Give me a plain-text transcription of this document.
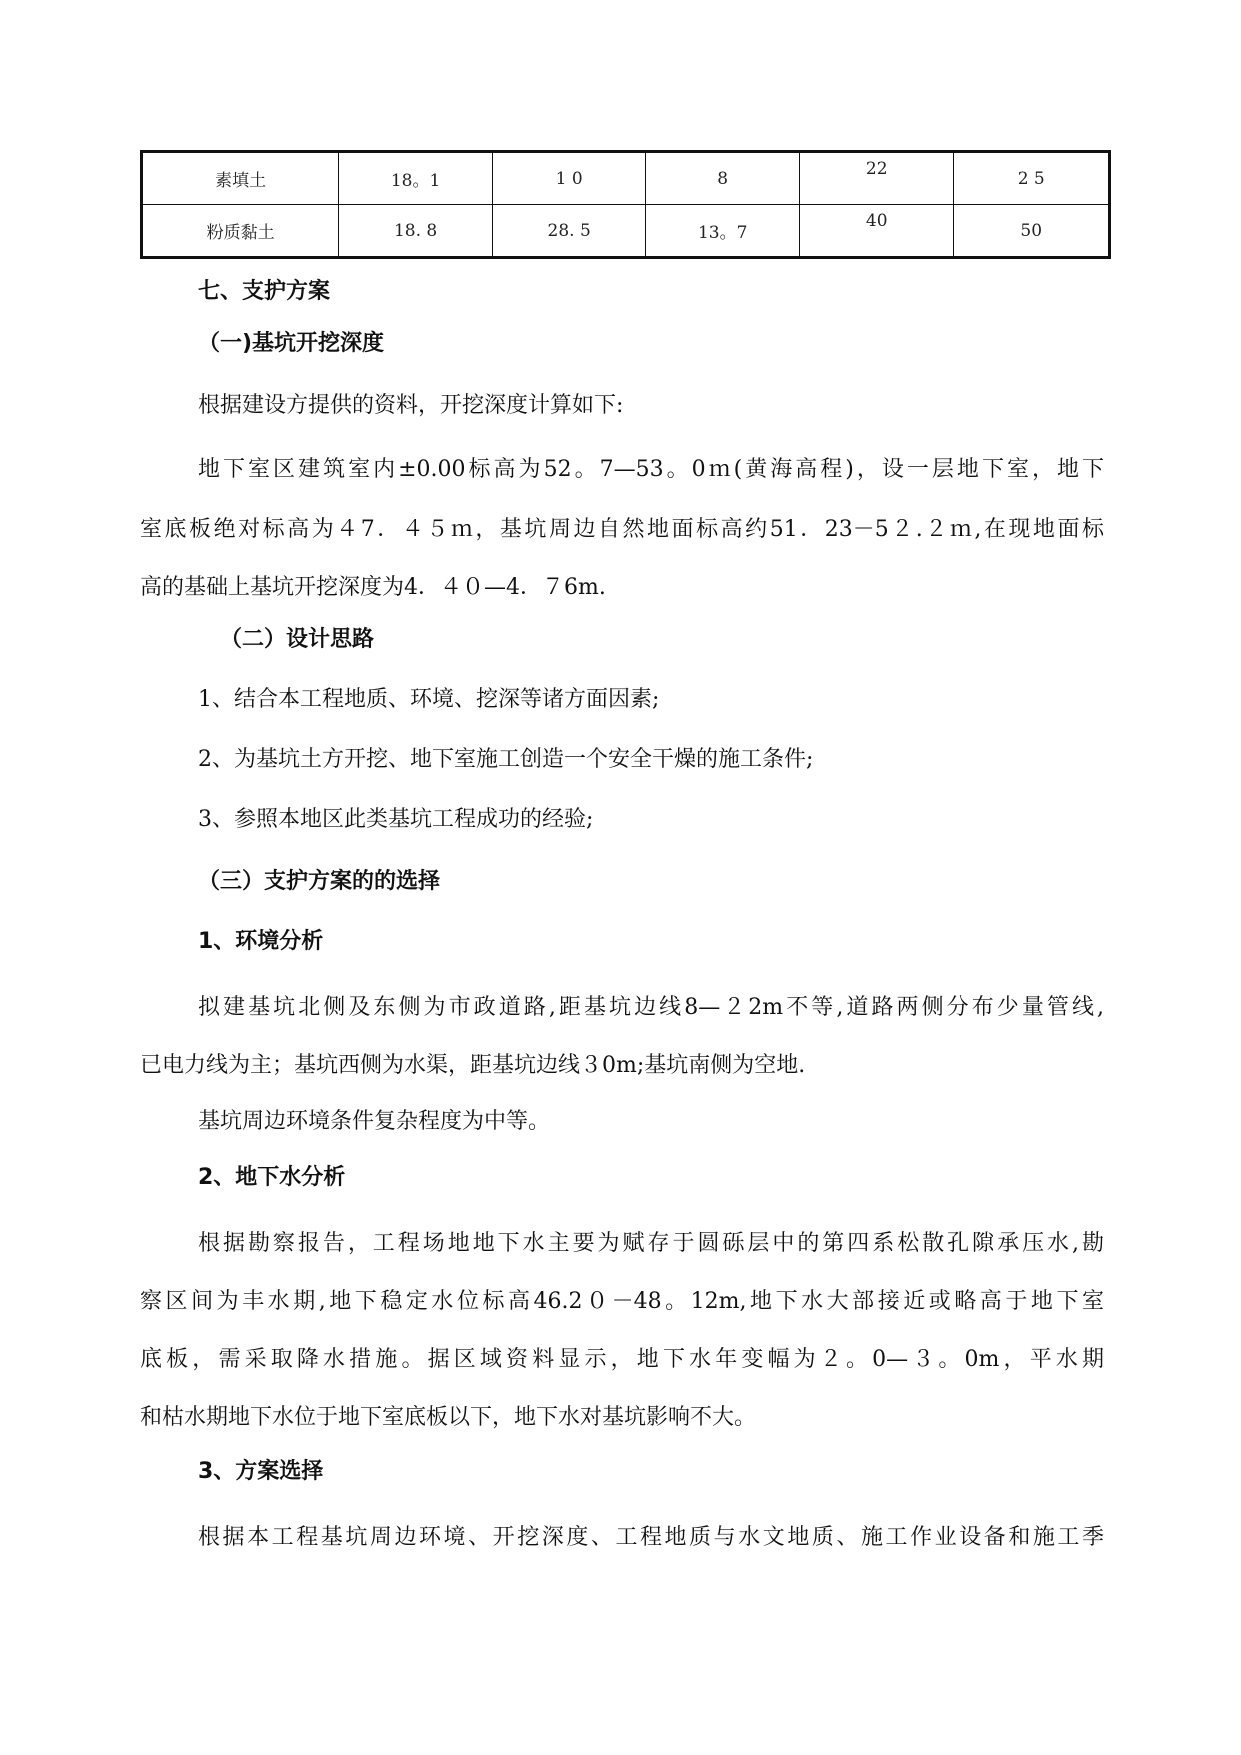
素填土	18。1	1 0	8	22	2 5
粉质黏土	18. 8	28. 5	13。7	40	50
七、支护方案
（一)基坑开挖深度
根据建设方提供的资料，开挖深度计算如下:
地下室区建筑室内±0.00标高为52。7—53。0ｍ(黄海高程)，设一层地下室，地下
室底板绝对标高为４7．４５ｍ，基坑周边自然地面标高约51．23－5２.２ｍ,在现地面标
高的基础上基坑开挖深度为4．４０—4．７6m.
（二）设计思路
1、结合本工程地质、环境、挖深等诸方面因素;
2、为基坑土方开挖、地下室施工创造一个安全干燥的施工条件;
3、参照本地区此类基坑工程成功的经验;
（三）支护方案的的选择
1、环境分析
拟建基坑北侧及东侧为市政道路,距基坑边线8—２2m不等,道路两侧分布少量管线,
已电力线为主；基坑西侧为水渠，距基坑边线３0m;基坑南侧为空地.
基坑周边环境条件复杂程度为中等。
2、地下水分析
根据勘察报告，工程场地地下水主要为赋存于圆砾层中的第四系松散孔隙承压水,勘
察区间为丰水期,地下稳定水位标高46.2０－48。12m,地下水大部接近或略高于地下室
底板，需采取降水措施。据区域资料显示，地下水年变幅为２。0—３。0m，平水期
和枯水期地下水位于地下室底板以下，地下水对基坑影响不大。
3、方案选择
根据本工程基坑周边环境、开挖深度、工程地质与水文地质、施工作业设备和施工季
